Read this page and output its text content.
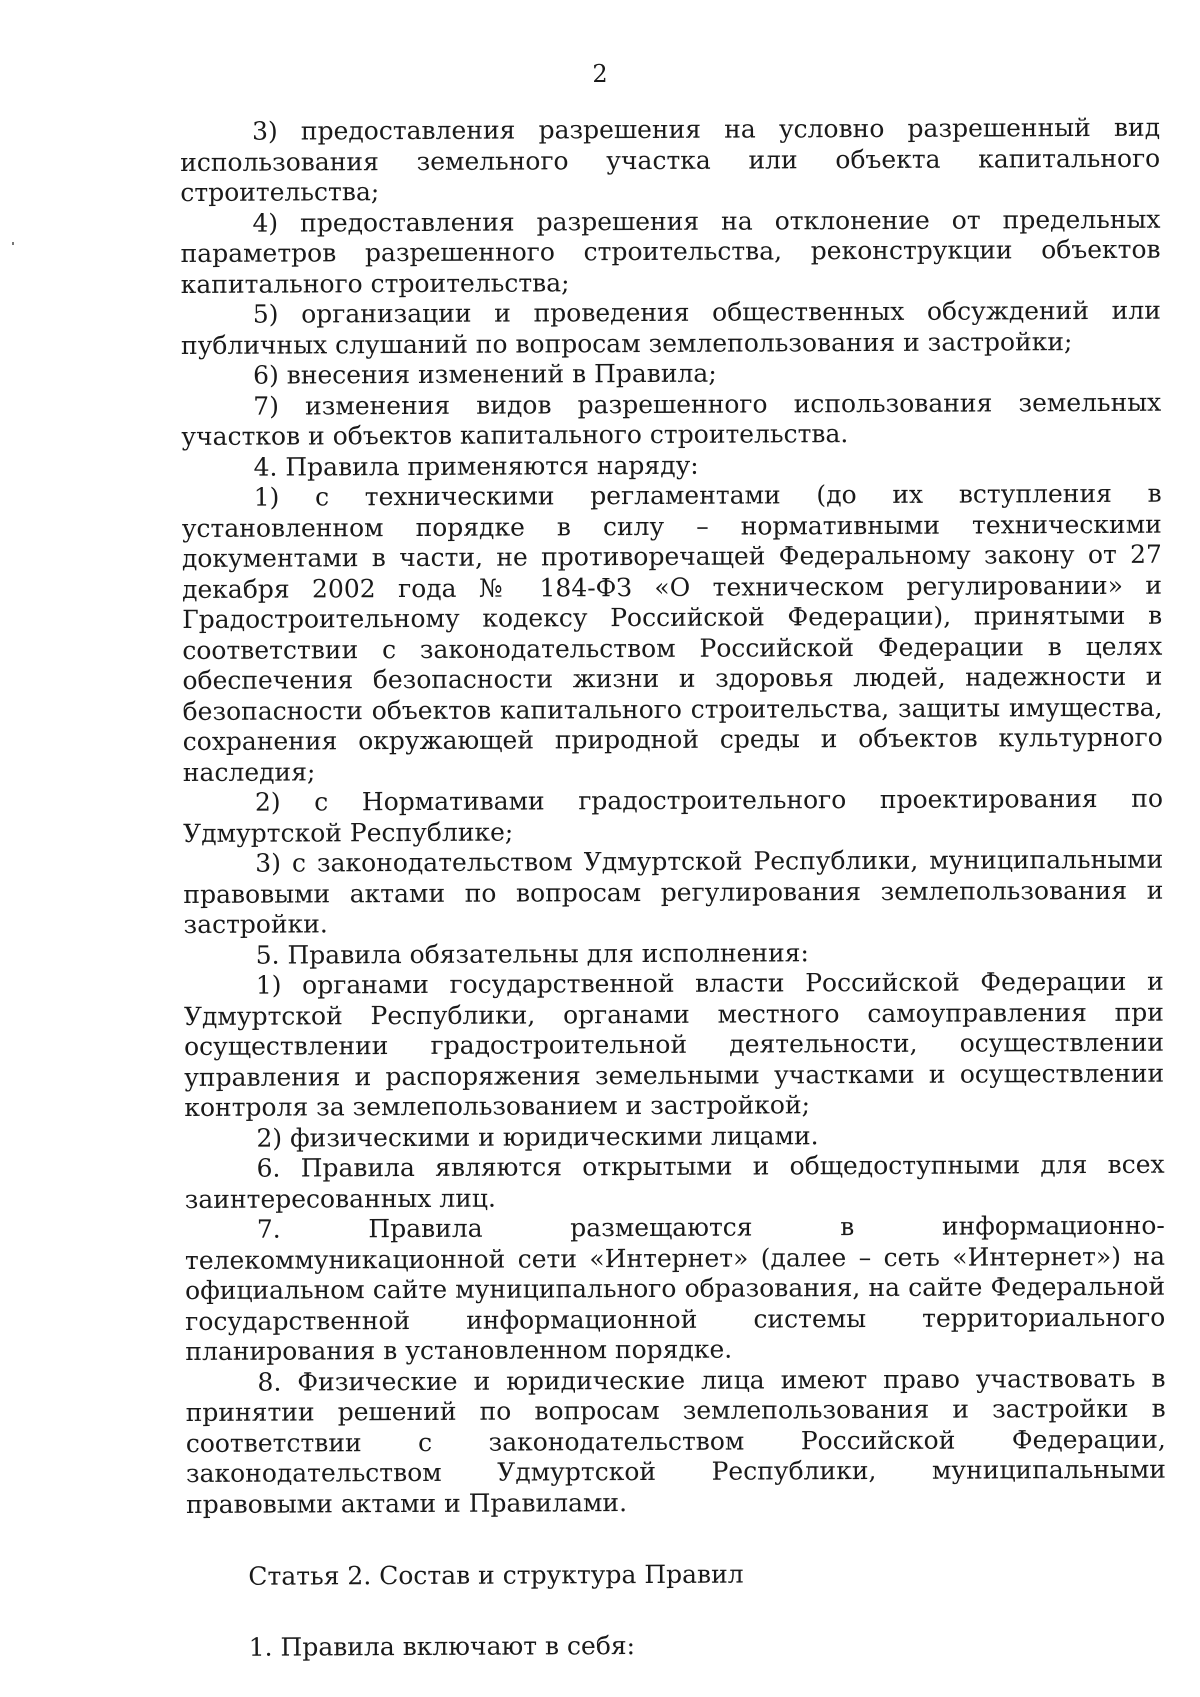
2

3) предоставления разрешения на условно разрешенный вид использования земельного участка или объекта капитального строительства;

4) предоставления разрешения на отклонение от предельных параметров разрешенного строительства, реконструкции объектов капитального строительства;

5) организации и проведения общественных обсуждений или публичных слушаний по вопросам землепользования и застройки;

6) внесения изменений в Правила;

7) изменения видов разрешенного использования земельных участков и объектов капитального строительства.

4. Правила применяются наряду:

1) с техническими регламентами (до их вступления в установленном порядке в силу – нормативными техническими документами в части, не противоречащей Федеральному закону от 27 декабря 2002 года № 184-ФЗ «О техническом регулировании» и Градостроительному кодексу Российской Федерации), принятыми в соответствии с законодательством Российской Федерации в целях обеспечения безопасности жизни и здоровья людей, надежности и безопасности объектов капитального строительства, защиты имущества, сохранения окружающей природной среды и объектов культурного наследия;

2) с Нормативами градостроительного проектирования по Удмуртской Республике;

3) с законодательством Удмуртской Республики, муниципальными правовыми актами по вопросам регулирования землепользования и застройки.

5. Правила обязательны для исполнения:

1) органами государственной власти Российской Федерации и Удмуртской Республики, органами местного самоуправления при осуществлении градостроительной деятельности, осуществлении управления и распоряжения земельными участками и осуществлении контроля за землепользованием и застройкой;

2) физическими и юридическими лицами.

6. Правила являются открытыми и общедоступными для всех заинтересованных лиц.

7. Правила размещаются в информационно-телекоммуникационной сети «Интернет» (далее – сеть «Интернет») на официальном сайте муниципального образования, на сайте Федеральной государственной информационной системы территориального планирования в установленном порядке.

8. Физические и юридические лица имеют право участвовать в принятии решений по вопросам землепользования и застройки в соответствии с законодательством Российской Федерации, законодательством Удмуртской Республики, муниципальными правовыми актами и Правилами.

Статья 2. Состав и структура Правил

1. Правила включают в себя:
